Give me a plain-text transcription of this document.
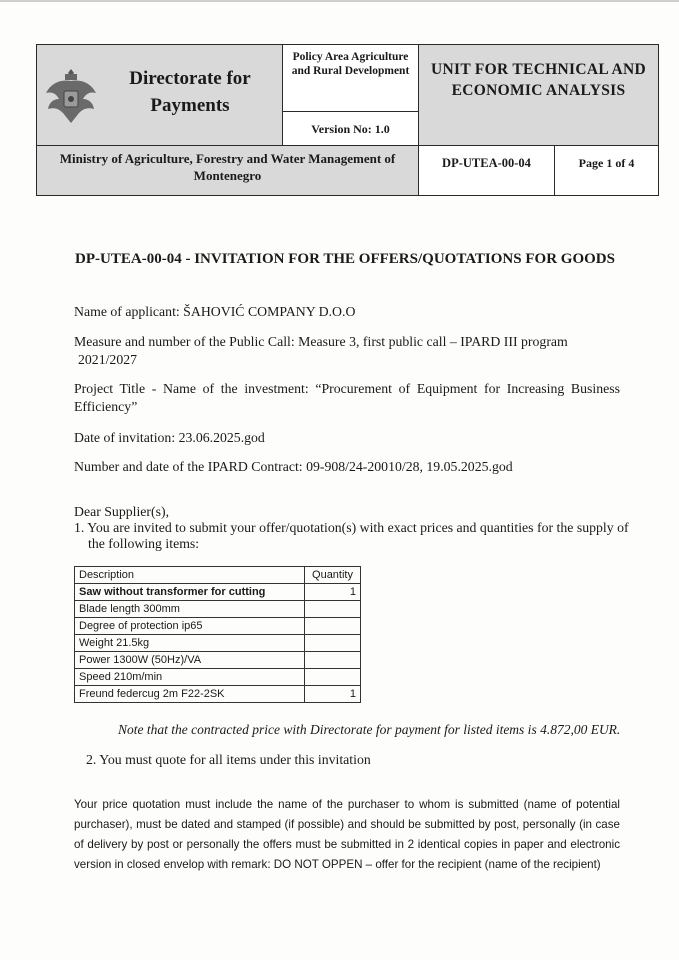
Directorate for Payments
Policy Area Agriculture and Rural Development
Version No: 1.0
UNIT FOR TECHNICAL AND ECONOMIC ANALYSIS
Ministry of Agriculture, Forestry and Water Management of Montenegro
DP-UTEA-00-04	Page 1 of 4
DP-UTEA-00-04 - INVITATION FOR THE OFFERS/QUOTATIONS FOR GOODS
Name of applicant: ŠAHOVIĆ COMPANY D.O.O
Measure and number of the Public Call: Measure 3, first public call – IPARD III program
2021/2027
Project Title - Name of the investment: “Procurement of Equipment for Increasing Business Efficiency”
Date of invitation: 23.06.2025.god
Number and date of the IPARD Contract: 09-908/24-20010/28, 19.05.2025.god
Dear Supplier(s),
1. You are invited to submit your offer/quotation(s) with exact prices and quantities for the supply of
the following items:
Description	Quantity
Saw without transformer for cutting	1
Blade length 300mm	
Degree of protection ip65	
Weight 21.5kg	
Power 1300W (50Hz)/VA	
Speed 210m/min	
Freund federcug 2m F22-2SK	1
Note that the contracted price with Directorate for payment for listed items is 4.872,00 EUR.
2. You must quote for all items under this invitation
Your price quotation must include the name of the purchaser to whom is submitted (name of potential purchaser), must be dated and stamped (if possible) and should be submitted by post, personally (in case of delivery by post or personally the offers must be submitted in 2 identical copies in paper and electronic version in closed envelop with remark: DO NOT OPPEN – offer for the recipient (name of the recipient)
